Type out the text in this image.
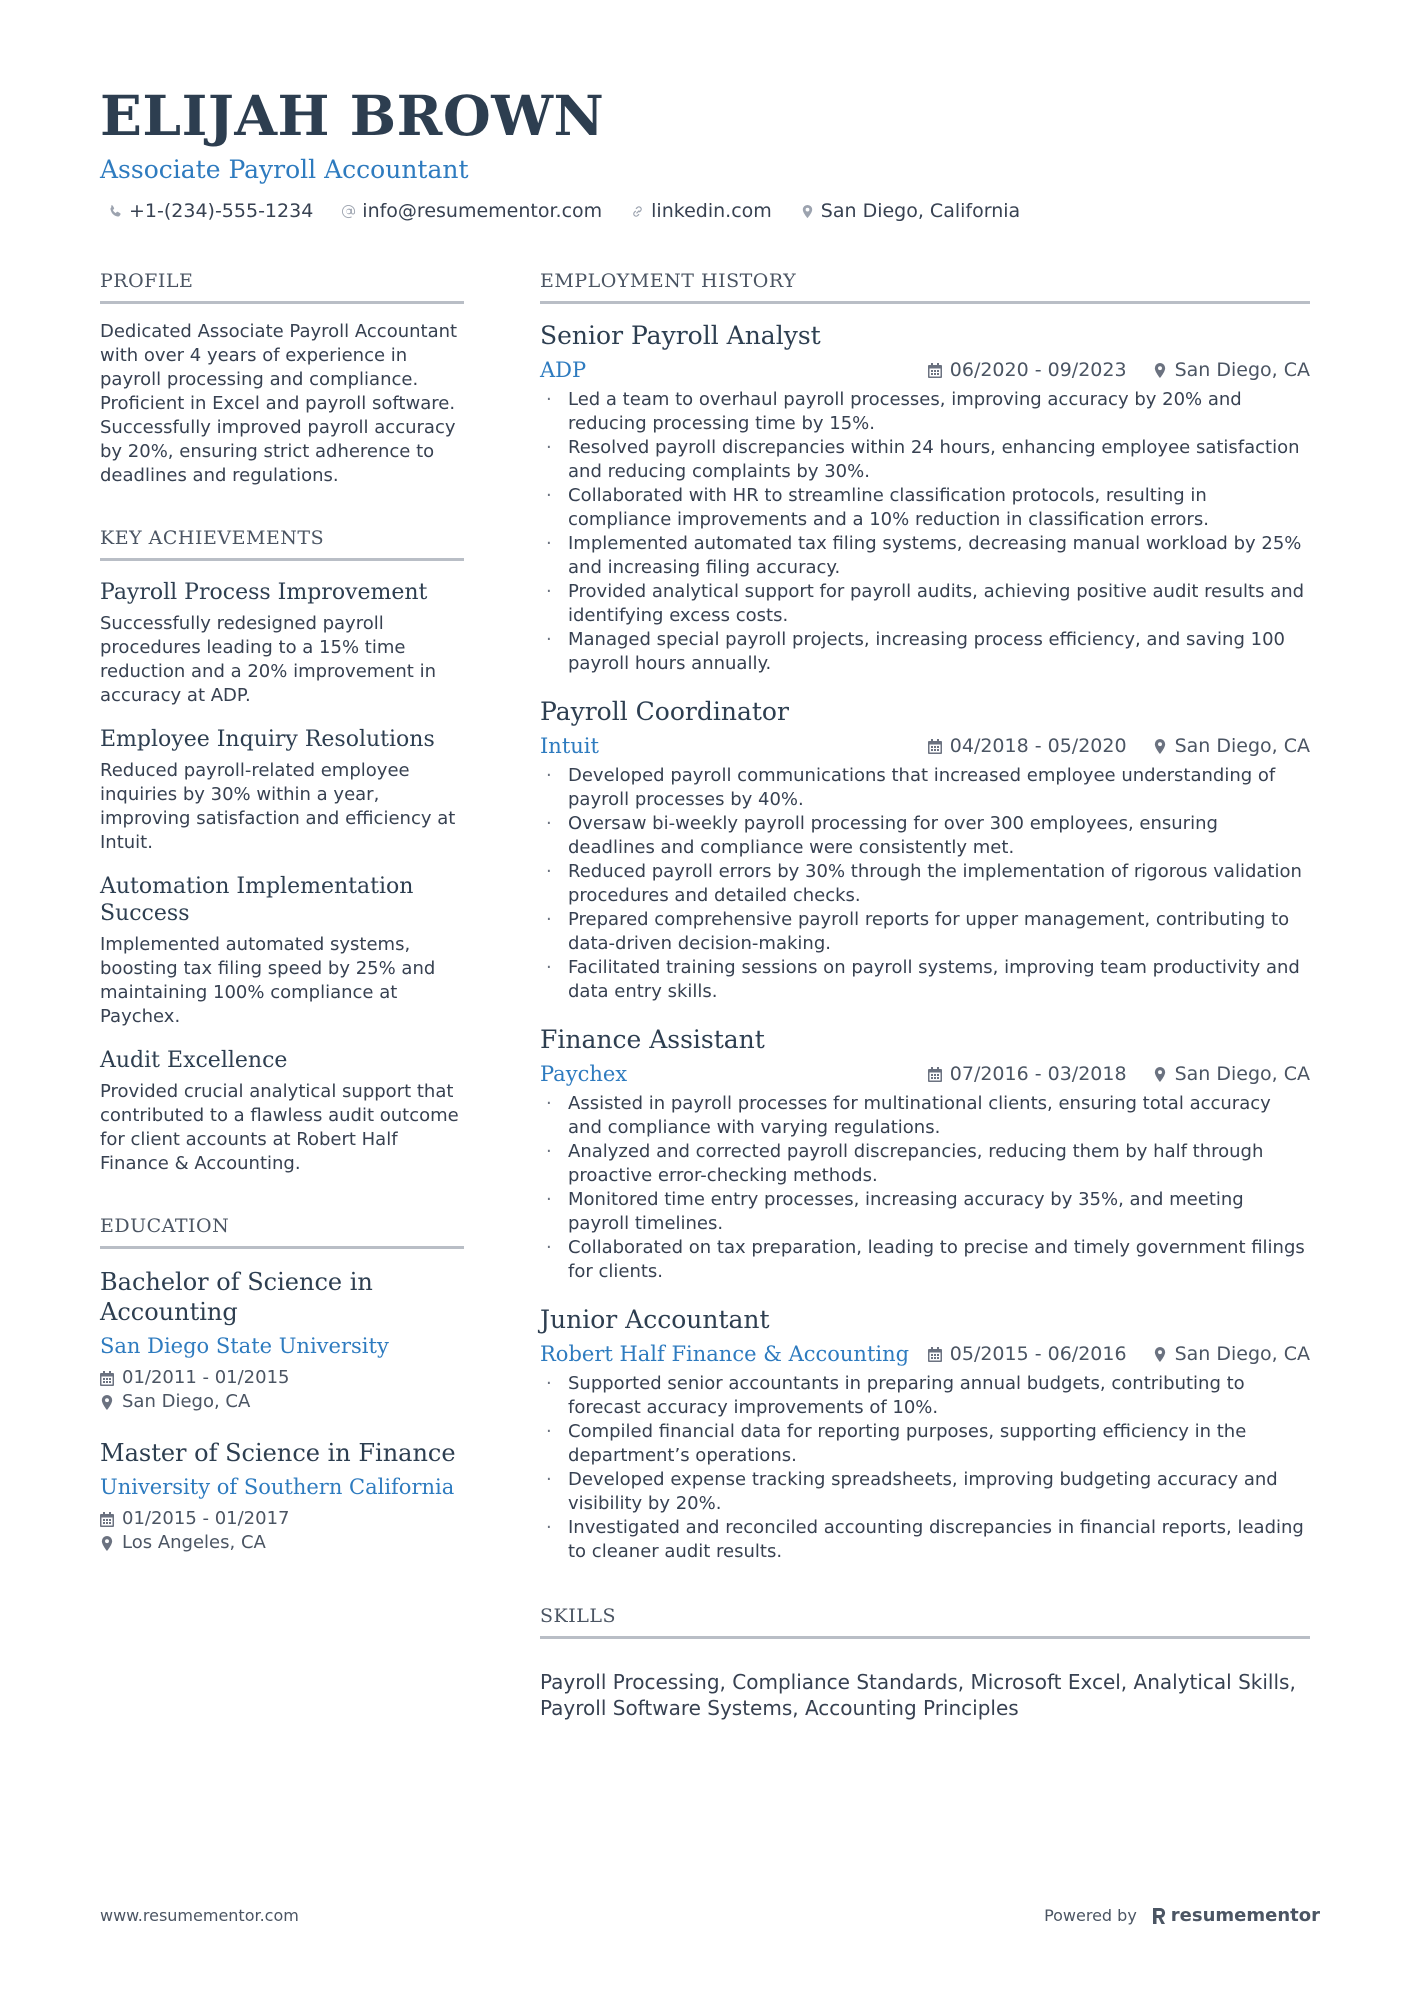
ELIJAH BROWN
Associate Payroll Accountant
+1-(234)-555-1234	info@resumementor.com	linkedin.com	San Diego, California
PROFILE
Dedicated Associate Payroll Accountant with over 4 years of experience in payroll processing and compliance. Proficient in Excel and payroll software. Successfully improved payroll accuracy by 20%, ensuring strict adherence to deadlines and regulations.
KEY ACHIEVEMENTS
Payroll Process Improvement
Successfully redesigned payroll procedures leading to a 15% time reduction and a 20% improvement in accuracy at ADP.
Employee Inquiry Resolutions
Reduced payroll-related employee inquiries by 30% within a year, improving satisfaction and efficiency at Intuit.
Automation Implementation Success
Implemented automated systems, boosting tax filing speed by 25% and maintaining 100% compliance at Paychex.
Audit Excellence
Provided crucial analytical support that contributed to a flawless audit outcome for client accounts at Robert Half Finance & Accounting.
EDUCATION
Bachelor of Science in Accounting
San Diego State University
01/2011 - 01/2015
San Diego, CA
Master of Science in Finance
University of Southern California
01/2015 - 01/2017
Los Angeles, CA
EMPLOYMENT HISTORY
Senior Payroll Analyst
ADP	06/2020 - 09/2023	San Diego, CA
· Led a team to overhaul payroll processes, improving accuracy by 20% and reducing processing time by 15%.
· Resolved payroll discrepancies within 24 hours, enhancing employee satisfaction and reducing complaints by 30%.
· Collaborated with HR to streamline classification protocols, resulting in compliance improvements and a 10% reduction in classification errors.
· Implemented automated tax filing systems, decreasing manual workload by 25% and increasing filing accuracy.
· Provided analytical support for payroll audits, achieving positive audit results and identifying excess costs.
· Managed special payroll projects, increasing process efficiency, and saving 100 payroll hours annually.
Payroll Coordinator
Intuit	04/2018 - 05/2020	San Diego, CA
· Developed payroll communications that increased employee understanding of payroll processes by 40%.
· Oversaw bi-weekly payroll processing for over 300 employees, ensuring deadlines and compliance were consistently met.
· Reduced payroll errors by 30% through the implementation of rigorous validation procedures and detailed checks.
· Prepared comprehensive payroll reports for upper management, contributing to data-driven decision-making.
· Facilitated training sessions on payroll systems, improving team productivity and data entry skills.
Finance Assistant
Paychex	07/2016 - 03/2018	San Diego, CA
· Assisted in payroll processes for multinational clients, ensuring total accuracy and compliance with varying regulations.
· Analyzed and corrected payroll discrepancies, reducing them by half through proactive error-checking methods.
· Monitored time entry processes, increasing accuracy by 35%, and meeting payroll timelines.
· Collaborated on tax preparation, leading to precise and timely government filings for clients.
Junior Accountant
Robert Half Finance & Accounting 05/2015 - 06/2016	San Diego, CA
· Supported senior accountants in preparing annual budgets, contributing to forecast accuracy improvements of 10%.
· Compiled financial data for reporting purposes, supporting efficiency in the department’s operations.
· Developed expense tracking spreadsheets, improving budgeting accuracy and visibility by 20%.
· Investigated and reconciled accounting discrepancies in financial reports, leading to cleaner audit results.
SKILLS
Payroll Processing, Compliance Standards, Microsoft Excel, Analytical Skills, Payroll Software Systems, Accounting Principles
www.resumementor.com	Powered by resumementor
